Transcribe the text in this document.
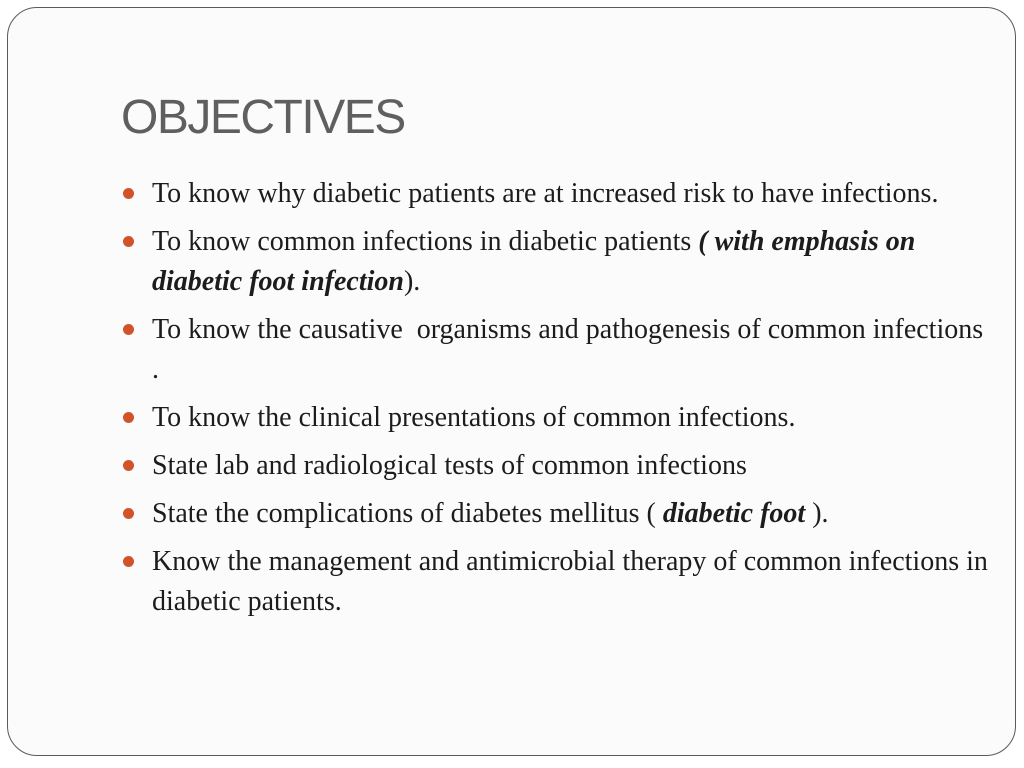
OBJECTIVES
To know why diabetic patients are at increased risk to have infections.
To know common infections in diabetic patients ( with emphasis on diabetic foot infection).
To know the causative  organisms and pathogenesis of common infections .
To know the clinical presentations of common infections.
State lab and radiological tests of common infections
State the complications of diabetes mellitus ( diabetic foot ).
Know the management and antimicrobial therapy of common infections in diabetic patients.
